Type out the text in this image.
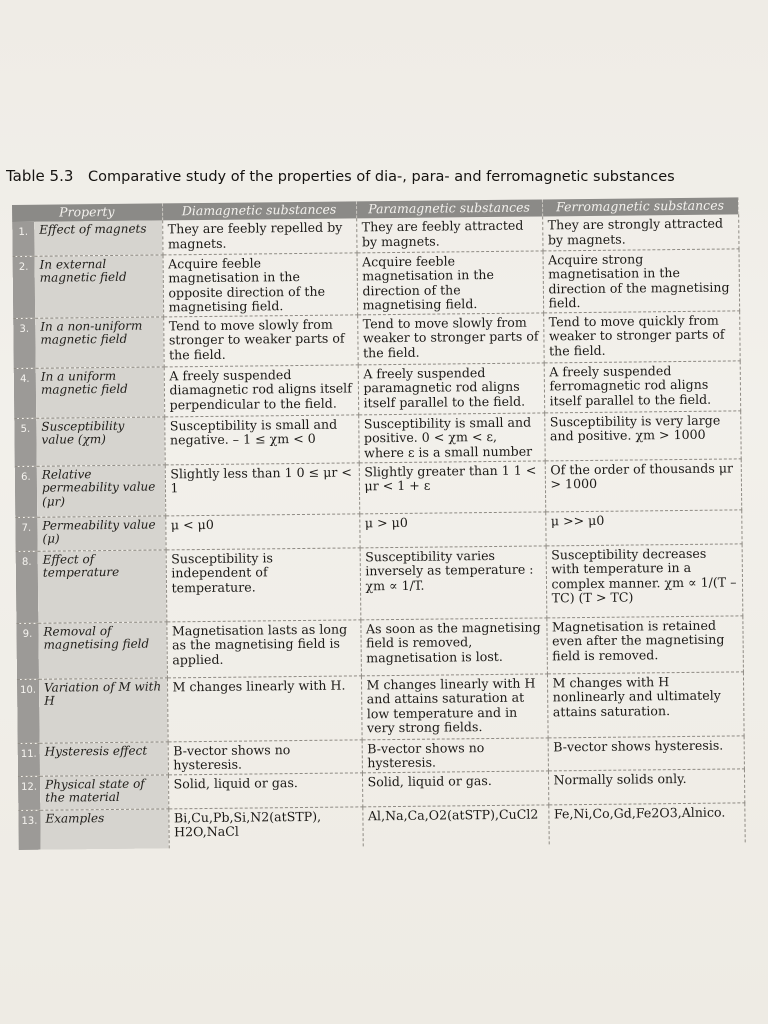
Table 5.3 Comparative study of the properties of dia-, para- and ferromagnetic substances
Property		Diamagnetic substances	Paramagnetic substances	Ferromagnetic substances
1.	Effect of magnets	They are feebly repelled by magnets.	They are feebly attracted by magnets.	They are strongly attracted by magnets.
2.	In external magnetic field	Acquire feeble magnetisation in the opposite direction of the magnetising field.	Acquire feeble magnetisation in the direction of the magnetising field.	Acquire strong magnetisation in the direction of the magnetising field.
3.	In a non-uniform magnetic field	Tend to move slowly from stronger to weaker parts of the field.	Tend to move slowly from weaker to stronger parts of the field.	Tend to move quickly from weaker to stronger parts of the field.
4.	In a uniform magnetic field	A freely suspended diamagnetic rod aligns itself perpendicular to the field.	A freely suspended paramagnetic rod aligns itself parallel to the field.	A freely suspended ferromagnetic rod aligns itself parallel to the field.
5.	Susceptibility value (χm)	Susceptibility is small and negative. – 1 ≤ χm < 0	Susceptibility is small and positive. 0 < χm < ε, where ε is a small number	Susceptibility is very large and positive. χm > 1000
6.	Relative permeability value (μr)	Slightly less than 1 0 ≤ μr < 1	Slightly greater than 1 1 < μr < 1 + ε	Of the order of thousands μr > 1000
7.	Permeability value (μ)	μ < μ0	μ > μ0	μ >> μ0
8.	Effect of temperature	Susceptibility is independent of temperature.	Susceptibility varies inversely as temperature : χm ∝ 1/T.	Susceptibility decreases with temperature in a complex manner. χm ∝ 1/(T – TC) (T > TC)
9.	Removal of magnetising field	Magnetisation lasts as long as the magnetising field is applied.	As soon as the magnetising field is removed, magnetisation is lost.	Magnetisation is retained even after the magnetising field is removed.
10.	Variation of M with H	M changes linearly with H.	M changes linearly with H and attains saturation at low temperature and in very strong fields.	M changes with H nonlinearly and ultimately attains saturation.
11.	Hysteresis effect	B-vector shows no hysteresis.	B-vector shows no hysteresis.	B-vector shows hysteresis.
12.	Physical state of the material	Solid, liquid or gas.	Solid, liquid or gas.	Normally solids only.
13.	Examples	Bi,Cu,Pb,Si,N2(atSTP), H2O,NaCl	Al,Na,Ca,O2(atSTP),CuCl2	Fe,Ni,Co,Gd,Fe2O3,Alnico.
